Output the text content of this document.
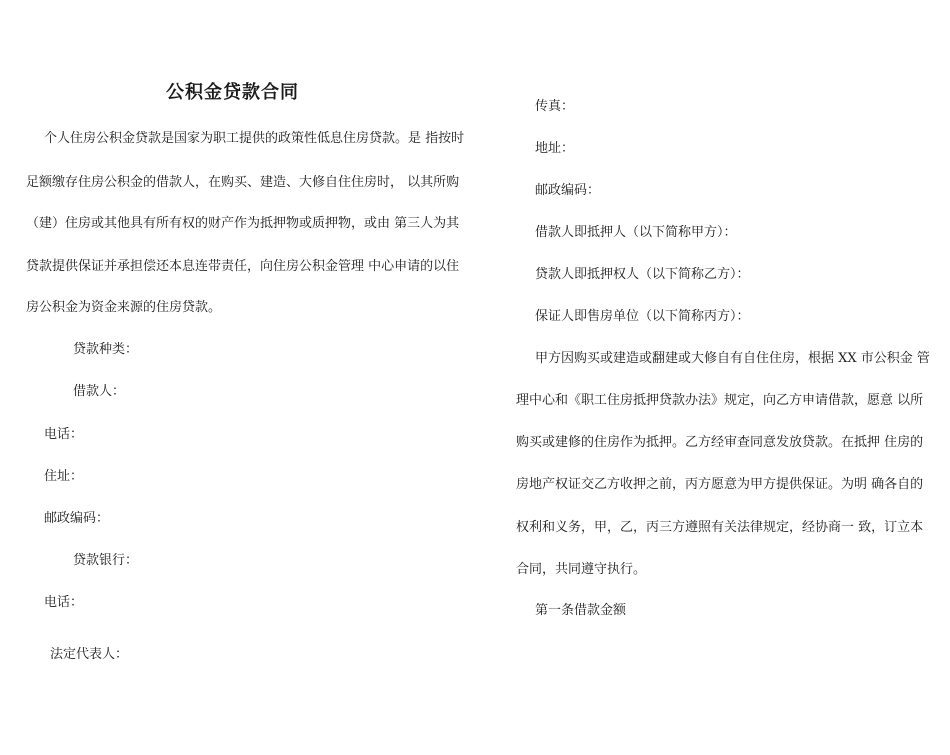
公积金贷款合同
个人住房公积金贷款是国家为职工提供的政策性低息住房贷款。是 指按时
足额缴存住房公积金的借款人，在购买、建造、大修自住住房时， 以其所购
（建）住房或其他具有所有权的财产作为抵押物或质押物，或由 第三人为其
贷款提供保证并承担偿还本息连带责任，向住房公积金管理 中心申请的以住
房公积金为资金来源的住房贷款。
贷款种类：
借款人：
电话：
住址：
邮政编码：
贷款银行：
电话：
法定代表人：
传真：
地址：
邮政编码：
借款人即抵押人（以下简称甲方）：
贷款人即抵押权人（以下简称乙方）：
保证人即售房单位（以下简称丙方）：
甲方因购买或建造或翻建或大修自有自住住房，根据 XX 市公积金 管
理中心和《职工住房抵押贷款办法》规定，向乙方申请借款，愿意 以所
购买或建修的住房作为抵押。乙方经审查同意发放贷款。在抵押 住房的
房地产权证交乙方收押之前，丙方愿意为甲方提供保证。为明 确各自的
权利和义务，甲，乙，丙三方遵照有关法律规定，经协商一 致，订立本
合同，共同遵守执行。
第一条借款金额
